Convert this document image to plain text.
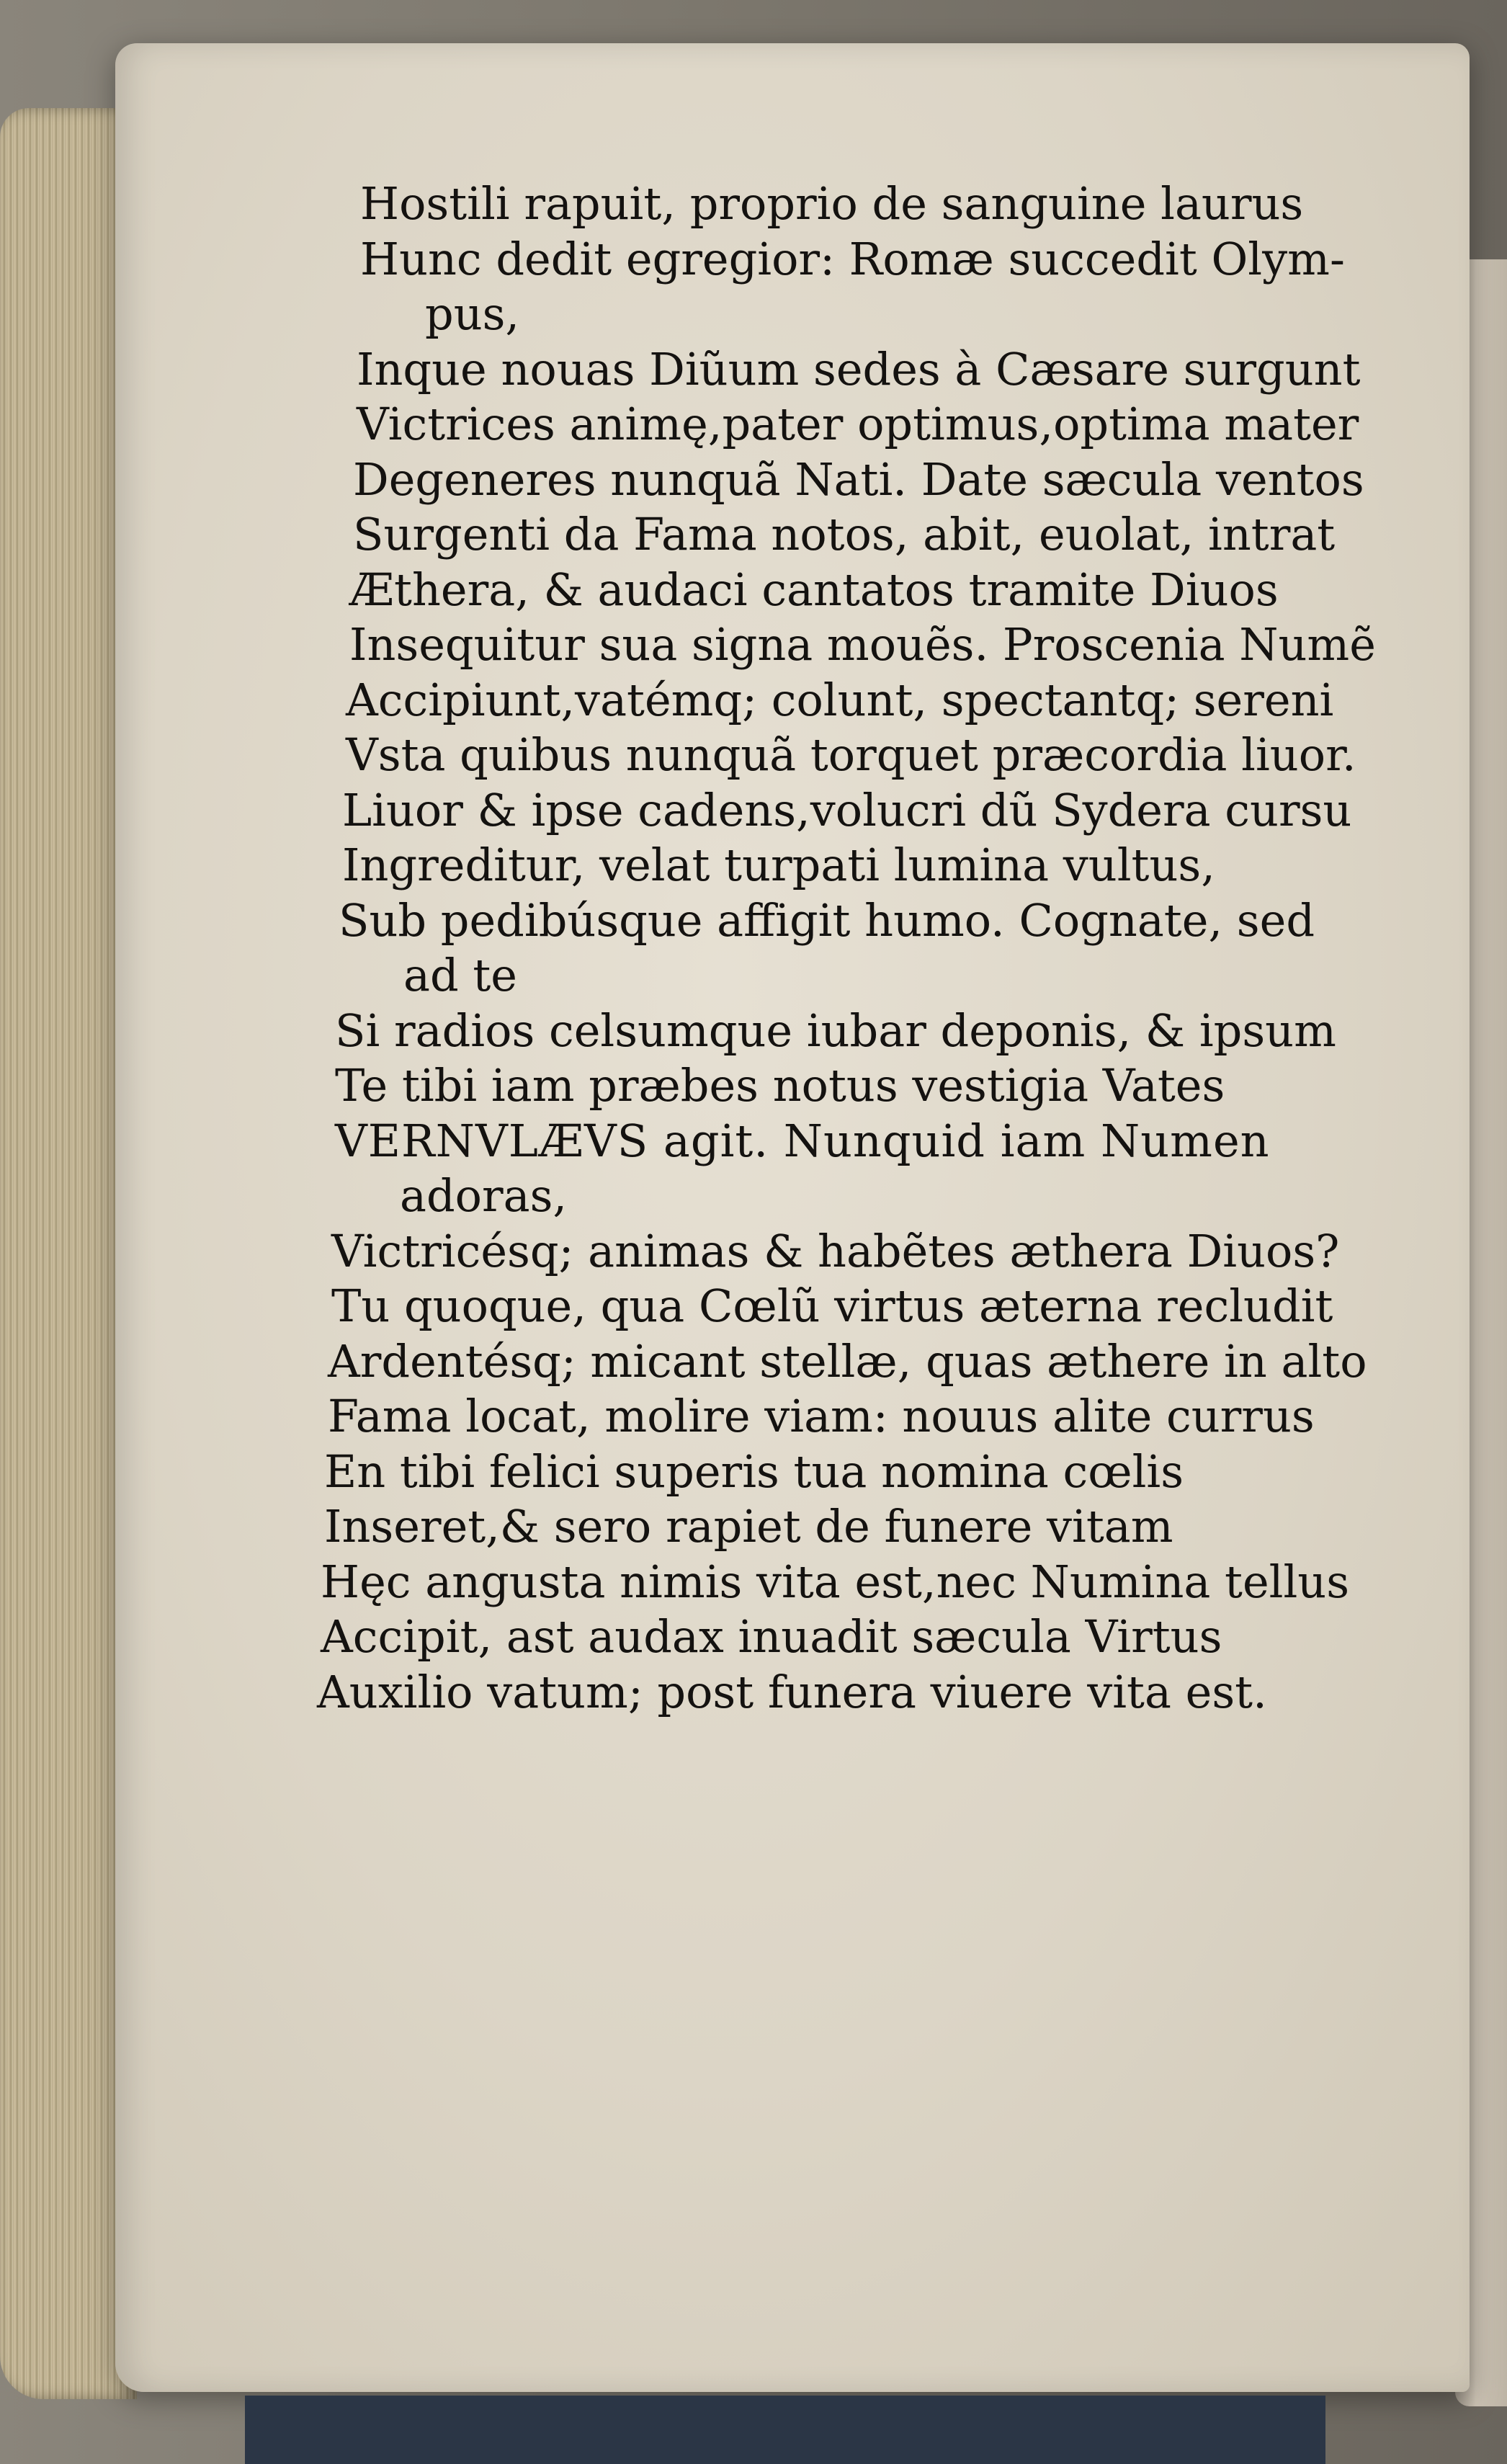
Hostili rapuit, proprio de sanguine laurus
Hunc dedit egregior: Romæ succedit Olym-
pus,
Inque nouas Diũum sedes à Cæsare surgunt
Victrices animę,pater optimus,optima mater
Degeneres nunquã Nati. Date sæcula ventos
Surgenti da Fama notos, abit, euolat, intrat
Æthera, & audaci cantatos tramite Diuos
Insequitur sua signa mouẽs. Proscenia Numẽ
Accipiunt,vatémq; colunt, spectantq; sereni
Vsta quibus nunquã torquet præcordia liuor.
Liuor & ipse cadens,volucri dũ Sydera cursu
Ingreditur, velat turpati lumina vultus,
Sub pedibúsque affigit humo. Cognate, sed
ad te
Si radios celsumque iubar deponis, & ipsum
Te tibi iam præbes notus vestigia Vates
VERNVLÆVS agit. Nunquid iam Numen
adoras,
Victricésq; animas & habẽtes æthera Diuos?
Tu quoque, qua Cœlũ virtus æterna recludit
Ardentésq; micant stellæ, quas æthere in alto
Fama locat, molire viam: nouus alite currus
En tibi felici superis tua nomina cœlis
Inseret,& sero rapiet de funere vitam
Hęc angusta nimis vita est,nec Numina tellus
Accipit, ast audax inuadit sæcula Virtus
Auxilio vatum; post funera viuere vita est.
